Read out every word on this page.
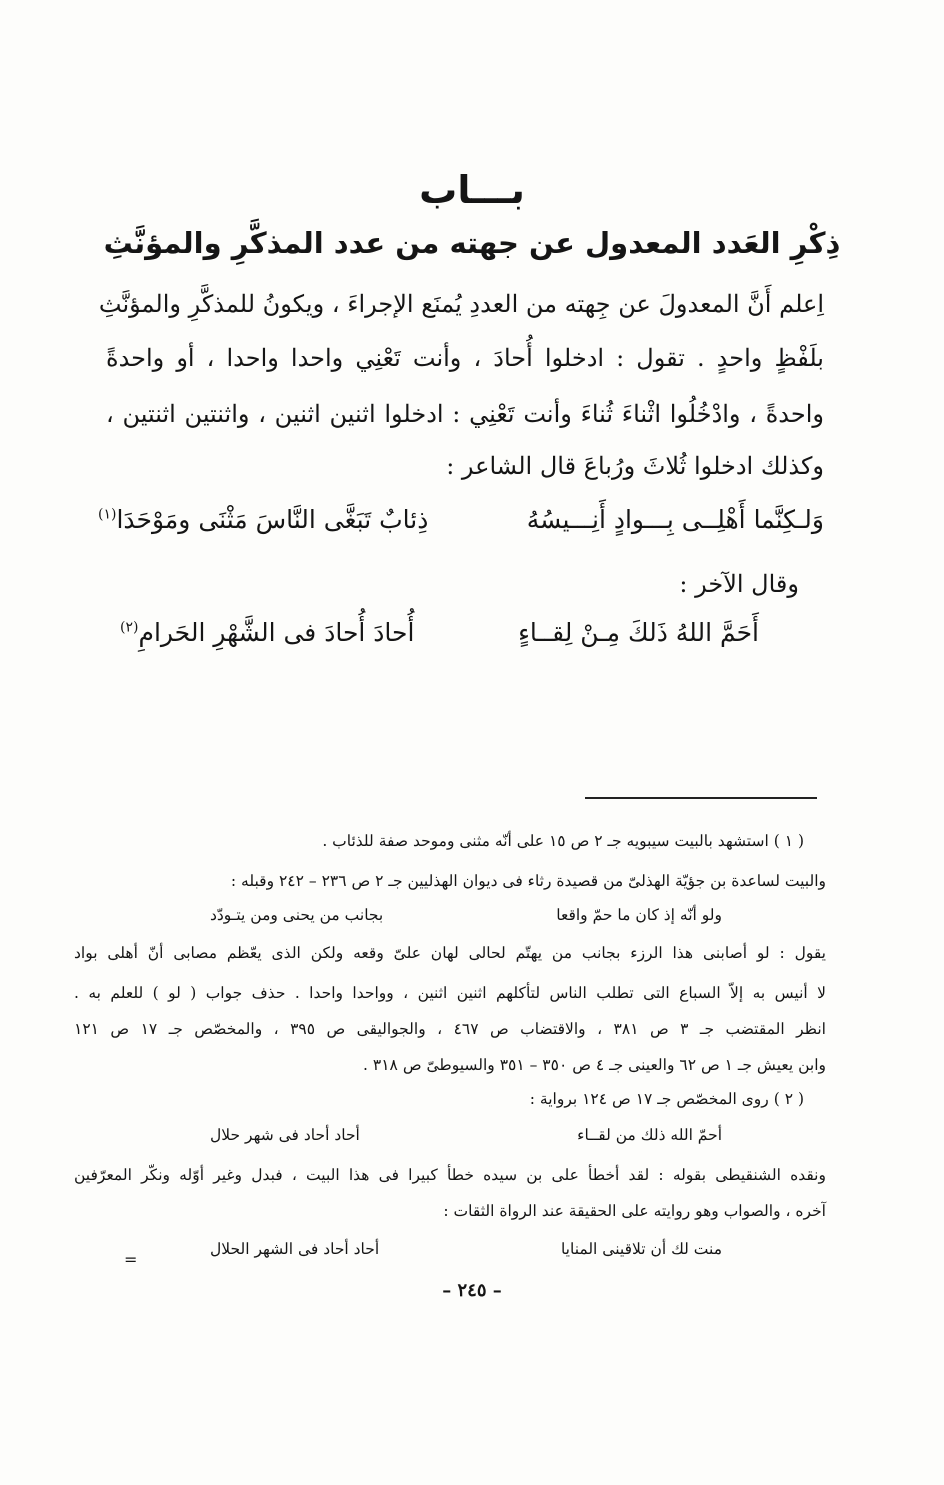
بـــاب
ذِكْرِ العَدد المعدول عن جهته من عدد المذكَّرِ والمؤنَّثِ
اِعلم أَنَّ المعدولَ عن جِهته من العددِ يُمنَع الإجراءَ ، ويكونُ للمذكَّرِ والمؤنَّثِ
بلَفْظٍ واحدٍ . تقول : ادخلوا أُحادَ ، وأنت تَعْنِي واحدا واحدا ، أو واحدةً
واحدةً ، وادْخُلُوا اثْناءَ ثُناءَ وأنت تَعْنِي : ادخلوا اثنين اثنين ، واثنتين اثنتين ،
وكذلك ادخلوا ثُلاثَ ورُباعَ قال الشاعر :
وَلـكِنَّما أَهْلِــى بِـــوادٍ أَنِـــيسُهُ
ذِئابٌ تَبَغَّى النَّاسَ مَثْنَى ومَوْحَدَا$^{(١)}$
وقال الآخر :
أَحَمَّ اللهُ ذَلكَ مِـنْ لِقــاءٍ
أُحادَ أُحادَ فى الشَّهْرِ الحَرامِ$^{(٢)}$
( ١ ) استشهد بالبيت سيبويه جـ ٢ ص ١٥ على أنّه مثنى وموحد صفة للذئاب .
والبيت لساعدة بن جؤيّة الهذلىّ من قصيدة رثاء فى ديوان الهذليين جـ ٢ ص ٢٣٦ – ٢٤٢ وقبله :
ولو أنّه إذ كان ما حمّ واقعا
بجانب من يحنى ومن يتـودّد
يقول : لو أصابنى هذا الرزء بجانب من يهتّم لحالى لهان علىّ وقعه ولكن الذى يعّظم مصابى أنّ أهلى بواد
لا أنيس به إلاّ السباع التى تطلب الناس لتأكلهم اثنين اثنين ، وواحدا واحدا . حذف جواب ( لو ) للعلم به .
انظر المقتضب جـ ٣ ص ٣٨١ ، والاقتضاب ص ٤٦٧ ، والجواليقى ص ٣٩٥ ، والمخصّص جـ ١٧ ص ١٢١
وابن يعيش جـ ١ ص ٦٢ والعينى جـ ٤ ص ٣٥٠ – ٣٥١ والسيوطىّ ص ٣١٨ .
( ٢ ) روى المخصّص جـ ١٧ ص ١٢٤ برواية :
أحمّ الله ذلك من لقــاء
أحاد أحاد فى شهر حلال
ونقده الشنقيطى بقوله : لقد أخطأ على بن سيده خطأ كبيرا فى هذا البيت ، فبدل وغير أوّله ونكّر المعرّفين
آخره ، والصواب وهو روايته على الحقيقة عند الرواة الثقات :
منت لك أن تلاقينى المنايا
أحاد أحاد فى الشهر الحلال
=
– ٢٤٥ –
